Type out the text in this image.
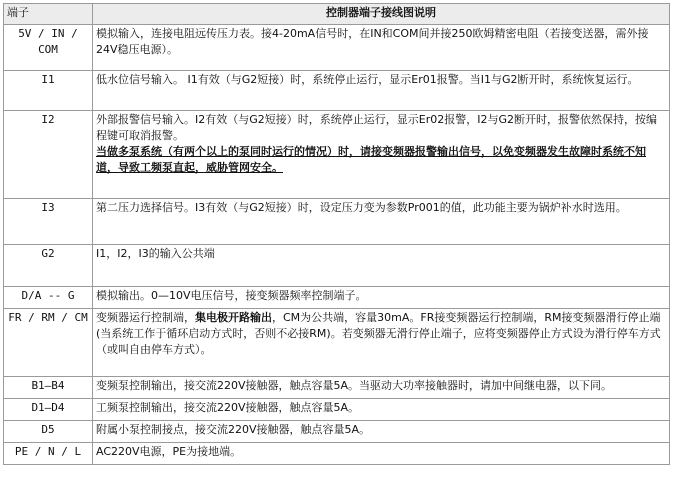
端子	控制器端子接线图说明
5V / IN / COM	模拟输入，连接电阻远传压力表。接4-20mA信号时，在IN和COM间并接250欧姆精密电阻（若接变送器，需外接24V稳压电源）。
I1	低水位信号输入。 I1有效（与G2短接）时，系统停止运行，显示Er01报警。当I1与G2断开时，系统恢复运行。
I2	外部报警信号输入。I2有效（与G2短接）时，系统停止运行，显示Er02报警，I2与G2断开时，报警依然保持，按编程键可取消报警。
当做多泵系统（有两个以上的泵同时运行的情况）时，请接变频器报警输出信号，以免变频器发生故障时系统不知道，导致工频泵直起，威胁管网安全。
I3	第二压力选择信号。I3有效（与G2短接）时，设定压力变为参数Pr001的值，此功能主要为锅炉补水时选用。
G2	I1，I2，I3的输入公共端
D/A -- G	模拟输出。0—10V电压信号，接变频器频率控制端子。
FR / RM / CM	变频器运行控制端，集电极开路输出，CM为公共端，容量30mA。FR接变频器运行控制端，RM接变频器滑行停止端(当系统工作于循环启动方式时，否则不必接RM)。若变频器无滑行停止端子，应将变频器停止方式设为滑行停车方式（或叫自由停车方式）。
B1—B4	变频泵控制输出，接交流220V接触器，触点容量5A。当驱动大功率接触器时，请加中间继电器，以下同。
D1—D4	工频泵控制输出，接交流220V接触器，触点容量5A。
D5	附属小泵控制接点，接交流220V接触器，触点容量5A。
PE / N / L	AC220V电源，PE为接地端。
